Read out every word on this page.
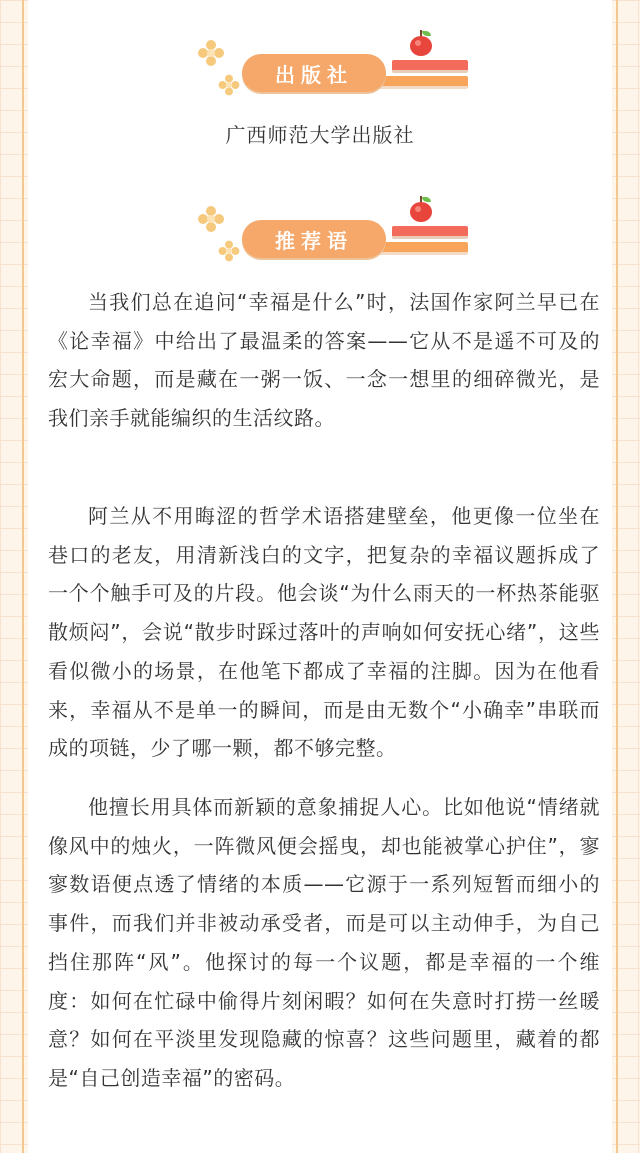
出版社
广西师范大学出版社
推荐语

当我们总在追问“幸福是什么”时，法国作家阿兰早已在《论幸福》中给出了最温柔的答案——它从不是遥不可及的宏大命题，而是藏在一粥一饭、一念一想里的细碎微光，是我们亲手就能编织的生活纹路。

阿兰从不用晦涩的哲学术语搭建壁垒，他更像一位坐在巷口的老友，用清新浅白的文字，把复杂的幸福议题拆成了一个个触手可及的片段。他会谈“为什么雨天的一杯热茶能驱散烦闷”，会说“散步时踩过落叶的声响如何安抚心绪”，这些看似微小的场景，在他笔下都成了幸福的注脚。因为在他看来，幸福从不是单一的瞬间，而是由无数个“小确幸”串联而成的项链，少了哪一颗，都不够完整。

他擅长用具体而新颖的意象捕捉人心。比如他说“情绪就像风中的烛火，一阵微风便会摇曳，却也能被掌心护住”，寥寥数语便点透了情绪的本质——它源于一系列短暂而细小的事件，而我们并非被动承受者，而是可以主动伸手，为自己挡住那阵“风”。他探讨的每一个议题，都是幸福的一个维度：如何在忙碌中偷得片刻闲暇？如何在失意时打捞一丝暖意？如何在平淡里发现隐藏的惊喜？这些问题里，藏着的都是“自己创造幸福”的密码。
